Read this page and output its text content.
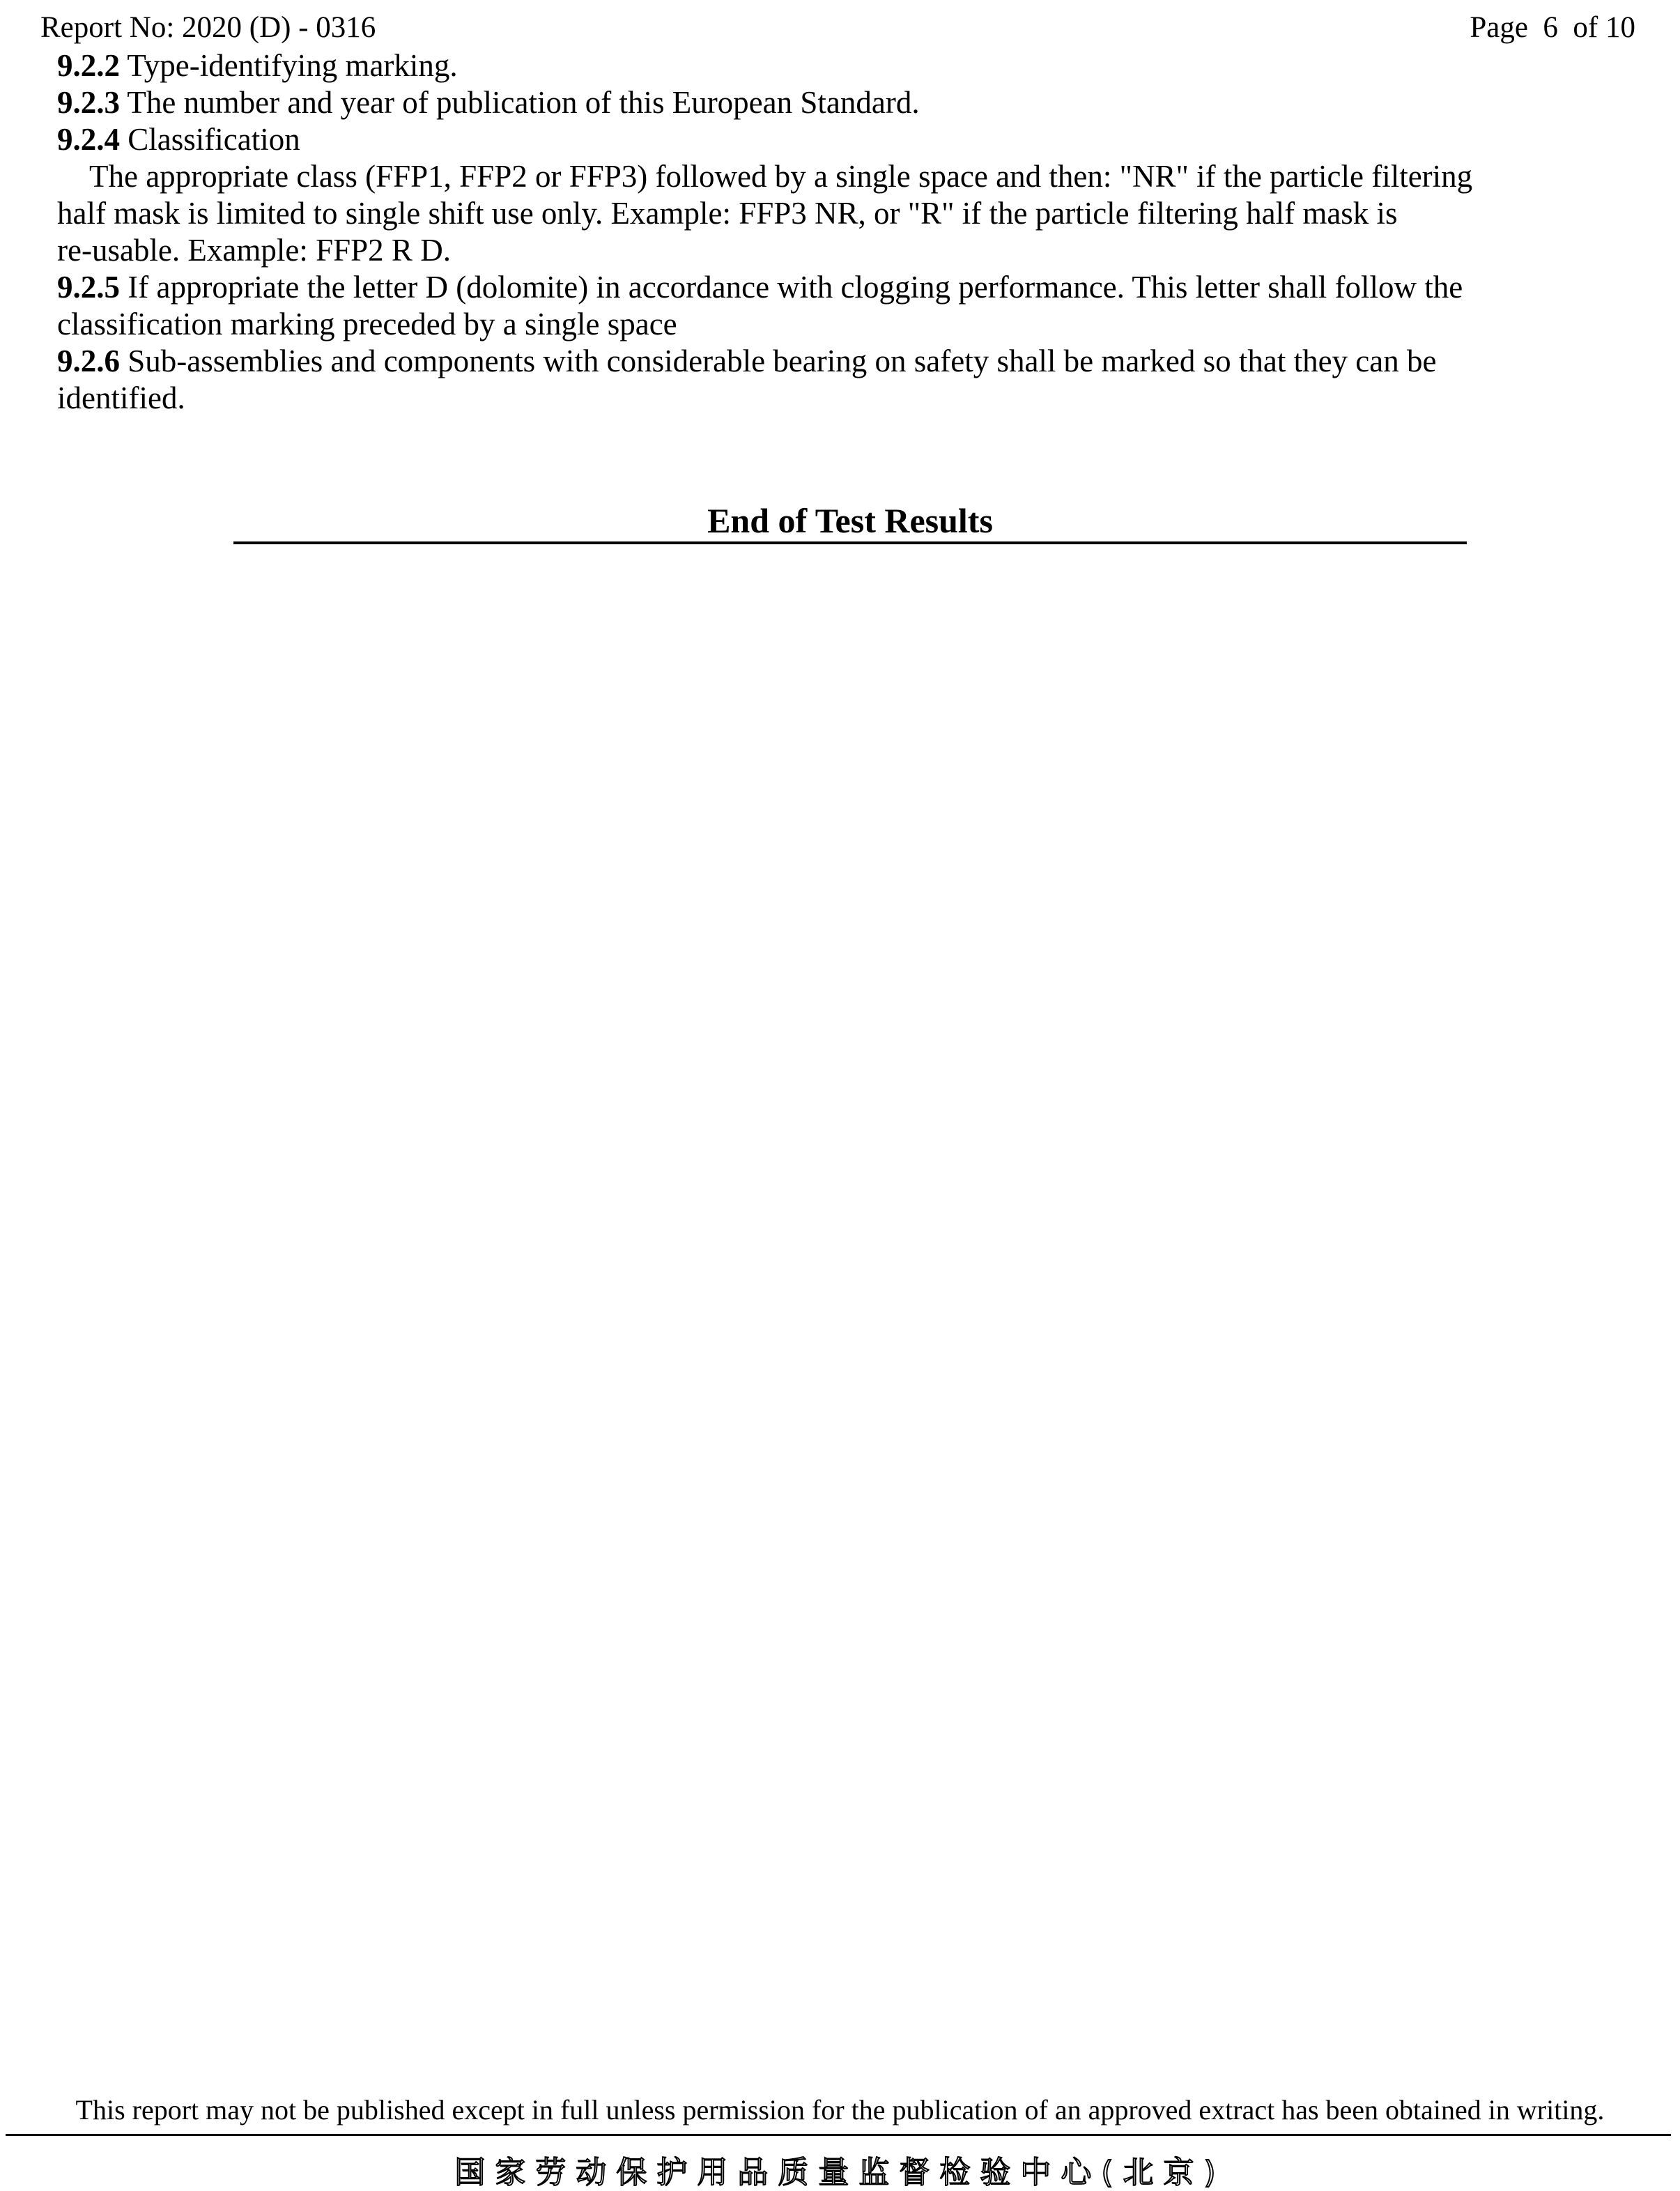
Report No: 2020 (D) - 0316	Page  6  of 10

9.2.2 Type-identifying marking.

9.2.3 The number and year of publication of this European Standard.

9.2.4 Classification

The appropriate class (FFP1, FFP2 or FFP3) followed by a single space and then: "NR" if the particle filtering

half mask is limited to single shift use only. Example: FFP3 NR, or "R" if the particle filtering half mask is

re-usable. Example: FFP2 R D.

9.2.5 If appropriate the letter D (dolomite) in accordance with clogging performance. This letter shall follow the

classification marking preceded by a single space

9.2.6 Sub-assemblies and components with considerable bearing on safety shall be marked so that they can be

identified.

End of Test Results
This report may not be published except in full unless permission for the publication of an approved extract has been obtained in writing.
国家劳动保护用品质量监督检验中心(北京)
